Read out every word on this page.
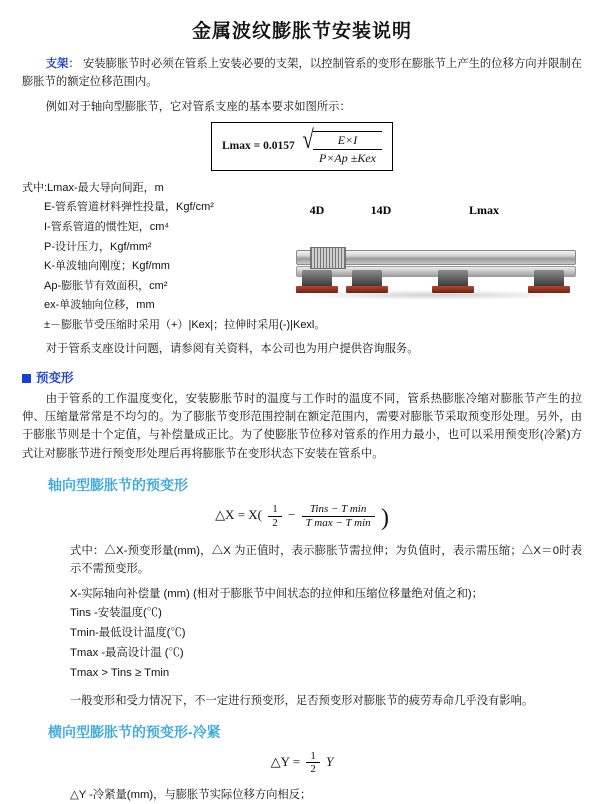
金属波纹膨胀节安装说明

支架： 安装膨胀节时必须在管系上安装必要的支架，以控制管系的变形在膨胀节上产生的位移方向并限制在膨胀节的额定位移范围内。

例如对于轴向型膨胀节，它对管系支座的基本要求如图所示：

Lmax = 0.0157 √ $\frac{E\times I}{\text{P×Ap ±Kex}}$
式中:Lmax-最大导向间距，m
E-管系管道材料弹性投量，Kgf/cm²
I-管系管道的惯性矩，cm⁴
P-设计压力，Kgf/mm²
K-单波轴向刚度；Kgf/mm
Ap-膨胀节有效面积，cm²
ex-单波轴向位移，mm
±－膨胀节受压缩时采用（+）|Kex|；拉伸时采用(-)|Kexl。
4D	14D	Lmax

对于管系支座设计问题，请参阅有关资料，本公司也为用户提供咨询服务。

预变形

由于管系的工作温度变化，安装膨胀节时的温度与工作时的温度不同，管系热膨胀冷缩对膨胀节产生的拉伸、压缩量常常是不均匀的。为了膨胀节变形范围控制在额定范围内，需要对膨胀节采取预变形处理。另外，由于膨胀节则是十个定值，与补偿量成正比。为了使膨胀节位移对管系的作用力最小，也可以采用预变形(冷紧)方式让对膨胀节进行预变形处理后再将膨胀节在变形状态下安装在管系中。

轴向型膨胀节的预变形
△X = $X( \frac{1}{2}$ −	Tins − T min
T max − T min )

式中：△X-预变形量(mm)，△X 为正值时，表示膨胀节需拉伸；为负值时，表示需压缩；△X＝0时表示不需预变形。

X-实际轴向补偿量 (mm) (相对于膨胀节中间状态的拉伸和压缩位移量绝对值之和)；
Tins -安装温度(℃)
Tmin-最低设计温度(℃)
Tmax -最高设计温 (℃)
Tmax > Tins ≥ Tmin
一般变形和受力情况下，不一定进行预变形，足否预变形对膨胀节的疲劳寿命几乎没有影响。
横向型膨胀节的预变形-冷紧
△Y = $\frac{1}{2}$ Y
△Y -冷紧量(mm)，与膨胀节实际位移方向相反；
